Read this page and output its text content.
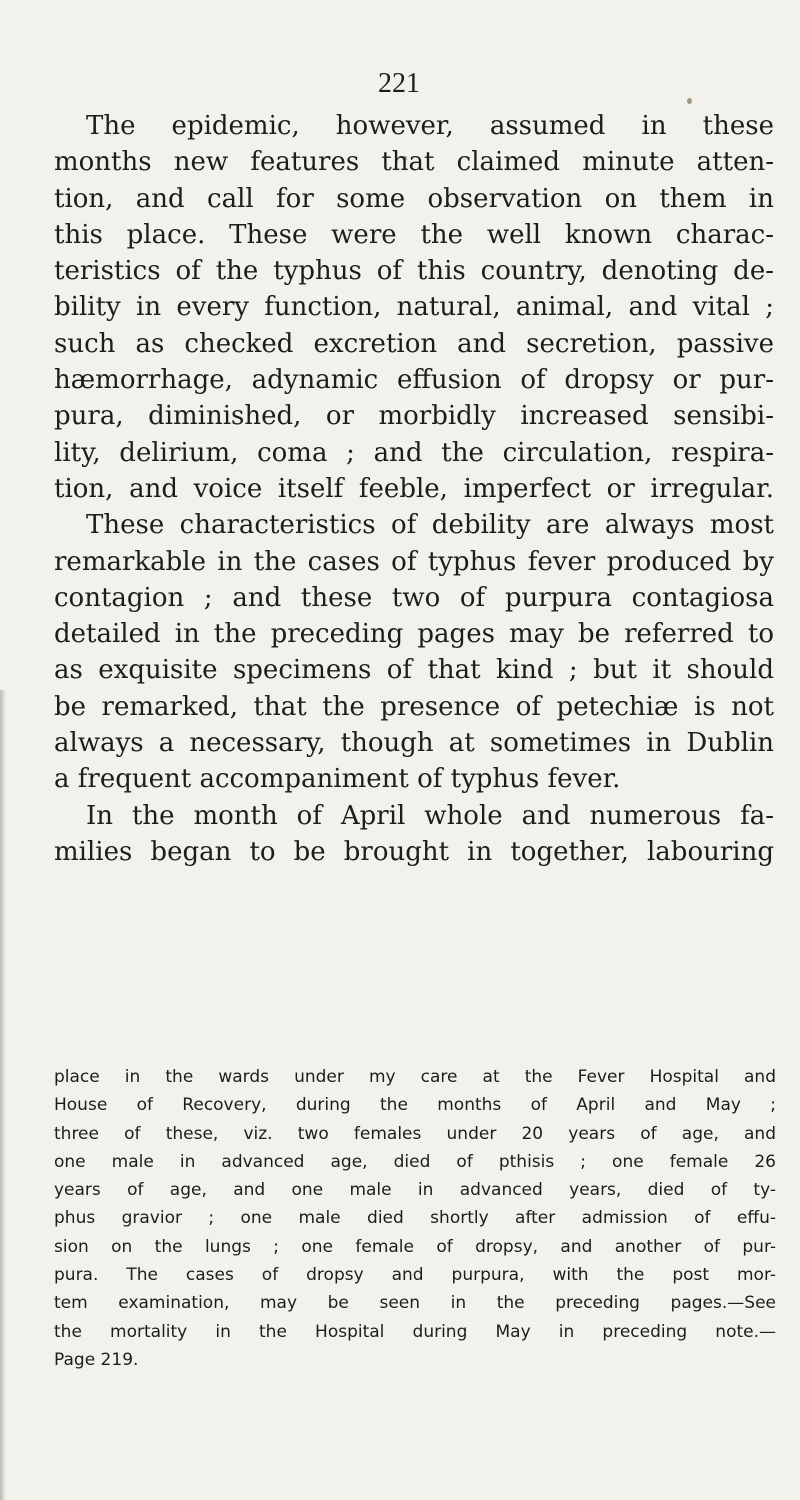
221
The epidemic, however, assumed in these
months new features that claimed minute atten-
tion, and call for some observation on them in
this place. These were the well known charac-
teristics of the typhus of this country, denoting de-
bility in every function, natural, animal, and vital ;
such as checked excretion and secretion, passive
hæmorrhage, adynamic effusion of dropsy or pur-
pura, diminished, or morbidly increased sensibi-
lity, delirium, coma ; and the circulation, respira-
tion, and voice itself feeble, imperfect or irregular.
These characteristics of debility are always most
remarkable in the cases of typhus fever produced by
contagion ; and these two of purpura contagiosa
detailed in the preceding pages may be referred to
as exquisite specimens of that kind ; but it should
be remarked, that the presence of petechiæ is not
always a necessary, though at sometimes in Dublin
a frequent accompaniment of typhus fever.
In the month of April whole and numerous fa-
milies began to be brought in together, labouring
place in the wards under my care at the Fever Hospital and
House of Recovery, during the months of April and May ;
three of these, viz. two females under 20 years of age, and
one male in advanced age, died of pthisis ; one female 26
years of age, and one male in advanced years, died of ty-
phus gravior ; one male died shortly after admission of effu-
sion on the lungs ; one female of dropsy, and another of pur-
pura. The cases of dropsy and purpura, with the post mor-
tem examination, may be seen in the preceding pages.—See
the mortality in the Hospital during May in preceding note.—
Page 219.
